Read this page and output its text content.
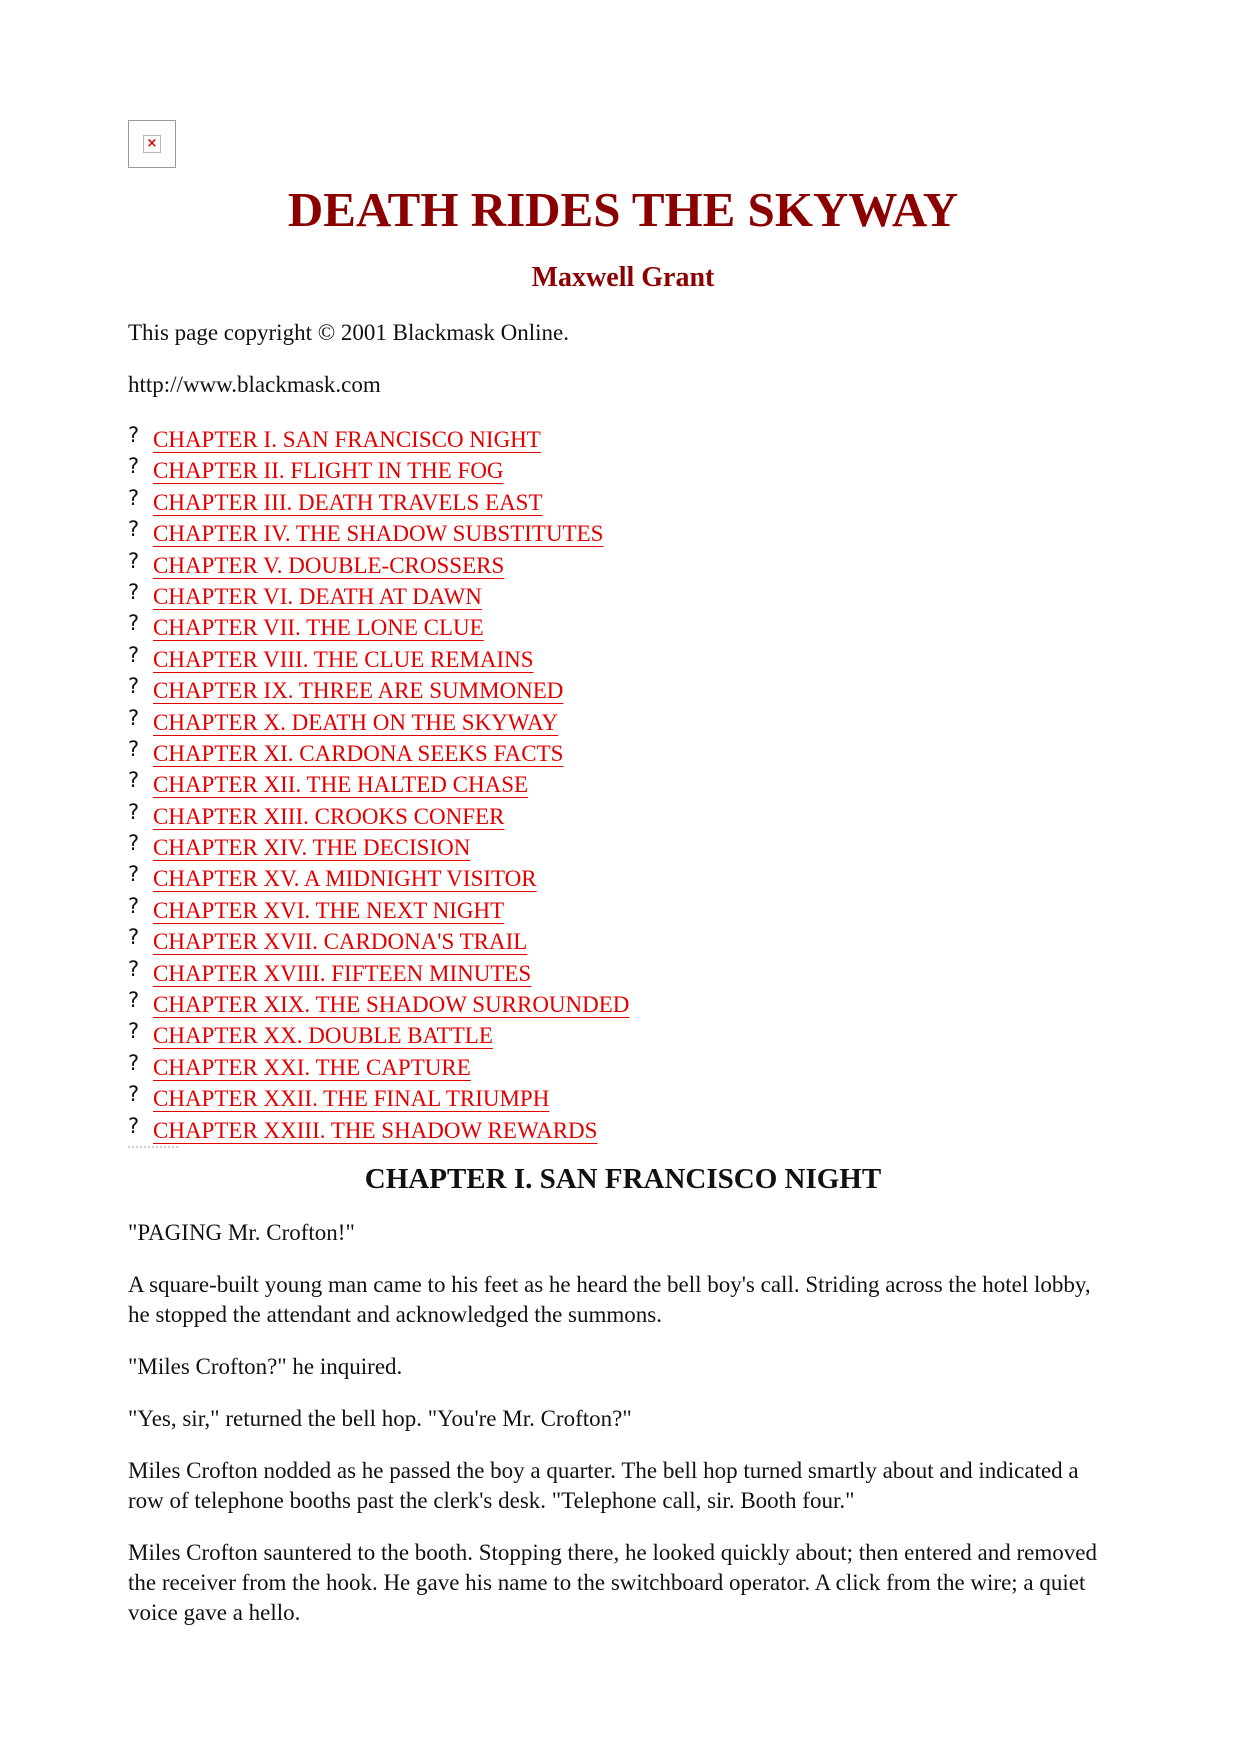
×
DEATH RIDES THE SKYWAY
Maxwell Grant

This page copyright © 2001 Blackmask Online.

http://www.blackmask.com

? CHAPTER I. SAN FRANCISCO NIGHT
? CHAPTER II. FLIGHT IN THE FOG
? CHAPTER III. DEATH TRAVELS EAST
? CHAPTER IV. THE SHADOW SUBSTITUTES
? CHAPTER V. DOUBLE-CROSSERS
? CHAPTER VI. DEATH AT DAWN
? CHAPTER VII. THE LONE CLUE
? CHAPTER VIII. THE CLUE REMAINS
? CHAPTER IX. THREE ARE SUMMONED
? CHAPTER X. DEATH ON THE SKYWAY
? CHAPTER XI. CARDONA SEEKS FACTS
? CHAPTER XII. THE HALTED CHASE
? CHAPTER XIII. CROOKS CONFER
? CHAPTER XIV. THE DECISION
? CHAPTER XV. A MIDNIGHT VISITOR
? CHAPTER XVI. THE NEXT NIGHT
? CHAPTER XVII. CARDONA'S TRAIL
? CHAPTER XVIII. FIFTEEN MINUTES
? CHAPTER XIX. THE SHADOW SURROUNDED
? CHAPTER XX. DOUBLE BATTLE
? CHAPTER XXI. THE CAPTURE
? CHAPTER XXII. THE FINAL TRIUMPH
? CHAPTER XXIII. THE SHADOW REWARDS
CHAPTER I. SAN FRANCISCO NIGHT

"PAGING Mr. Crofton!"

A square-built young man came to his feet as he heard the bell boy's call. Striding across the hotel lobby, he stopped the attendant and acknowledged the summons.

"Miles Crofton?" he inquired.

"Yes, sir," returned the bell hop. "You're Mr. Crofton?"

Miles Crofton nodded as he passed the boy a quarter. The bell hop turned smartly about and indicated a row of telephone booths past the clerk's desk. "Telephone call, sir. Booth four."

Miles Crofton sauntered to the booth. Stopping there, he looked quickly about; then entered and removed the receiver from the hook. He gave his name to the switchboard operator. A click from the wire; a quiet voice gave a hello.
